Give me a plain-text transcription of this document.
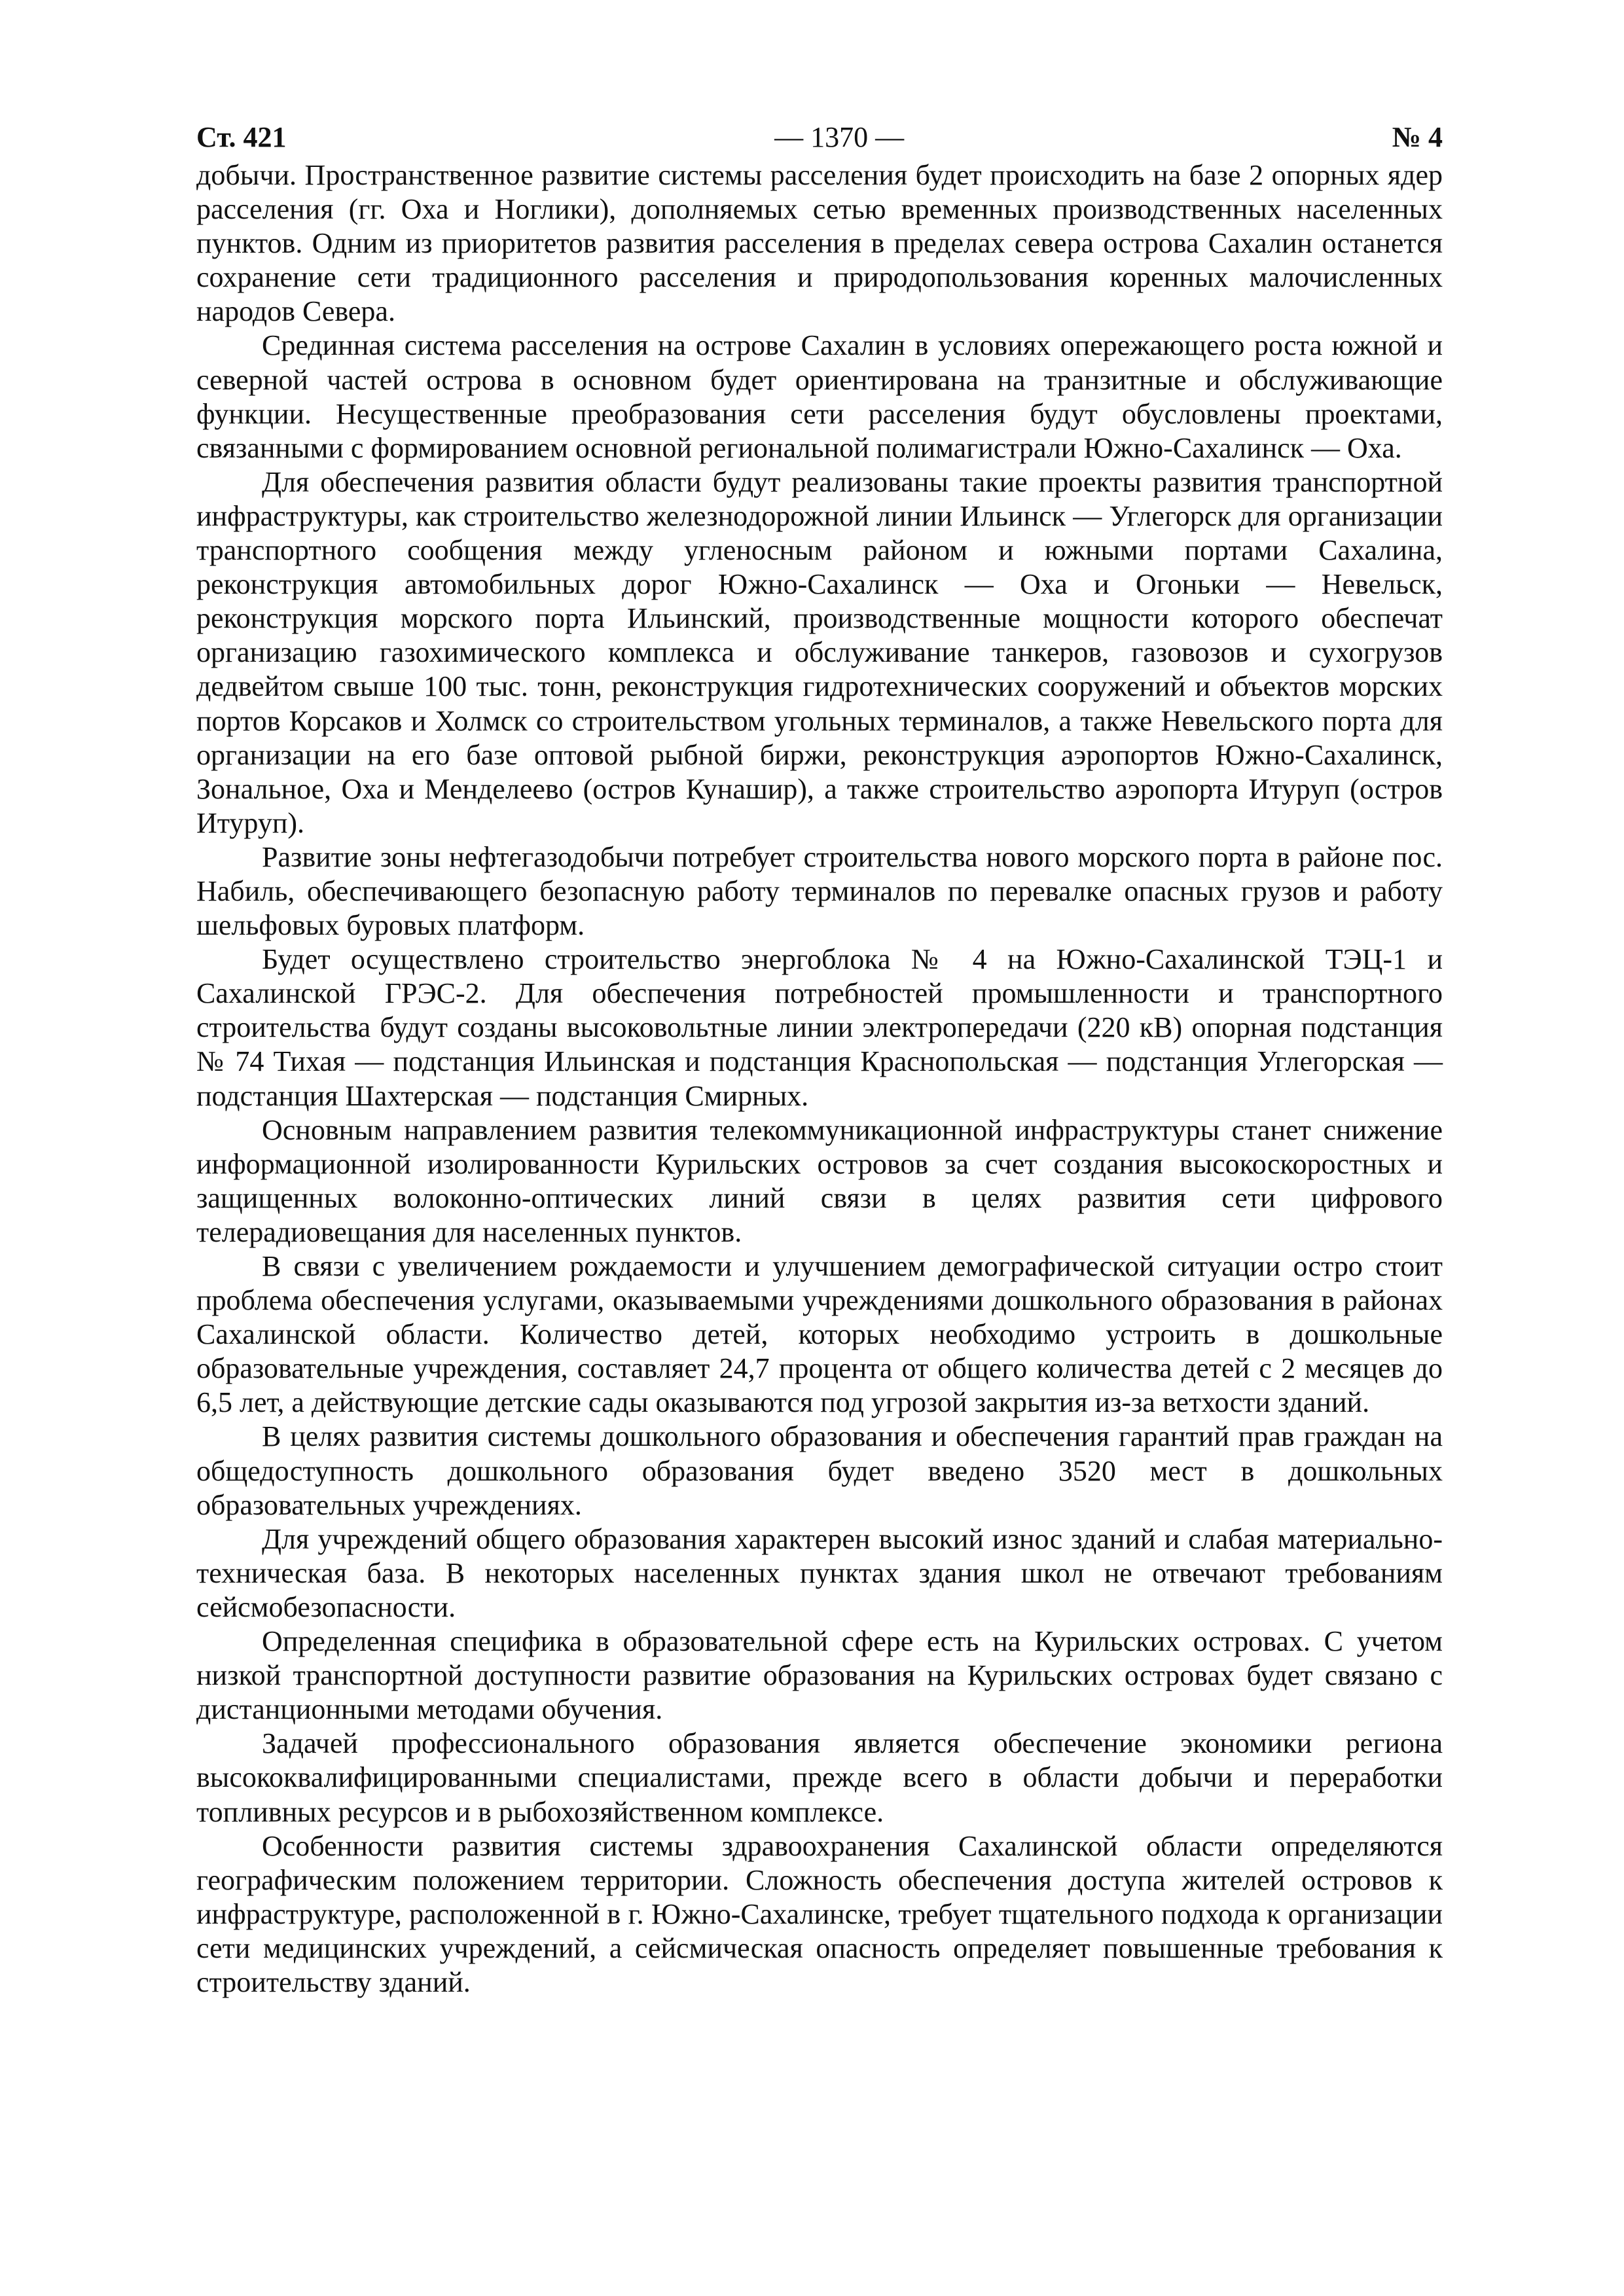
Ст. 421	— 1370 —	№ 4

добычи. Пространственное развитие системы расселения будет происходить на базе 2 опорных ядер расселения (гг. Оха и Ноглики), дополняемых сетью временных производственных населенных пунктов. Одним из приоритетов развития расселения в пределах севера острова Сахалин останется сохранение сети традиционного расселения и природопользования коренных малочисленных народов Севера.

Срединная система расселения на острове Сахалин в условиях опережающего роста южной и северной частей острова в основном будет ориентирована на транзитные и обслуживающие функции. Несущественные преобразования сети расселения будут обусловлены проектами, связанными с формированием основной региональной полимагистрали Южно-Сахалинск — Оха.

Для обеспечения развития области будут реализованы такие проекты развития транспортной инфраструктуры, как строительство железнодорожной линии Ильинск — Углегорск для организации транспортного сообщения между угленосным районом и южными портами Сахалина, реконструкция автомобильных дорог Южно-Сахалинск — Оха и Огоньки — Невельск, реконструкция морского порта Ильинский, производственные мощности которого обеспечат организацию газохимического комплекса и обслуживание танкеров, газовозов и сухогрузов дедвейтом свыше 100 тыс. тонн, реконструкция гидротехнических сооружений и объектов морских портов Корсаков и Холмск со строительством угольных терминалов, а также Невельского порта для организации на его базе оптовой рыбной биржи, реконструкция аэропортов Южно-Сахалинск, Зональное, Оха и Менделеево (остров Кунашир), а также строительство аэропорта Итуруп (остров Итуруп).

Развитие зоны нефтегазодобычи потребует строительства нового морского порта в районе пос. Набиль, обеспечивающего безопасную работу терминалов по перевалке опасных грузов и работу шельфовых буровых платформ.

Будет осуществлено строительство энергоблока № 4 на Южно-Сахалинской ТЭЦ-1 и Сахалинской ГРЭС-2. Для обеспечения потребностей промышленности и транспортного строительства будут созданы высоковольтные линии электропередачи (220 кВ) опорная подстанция № 74 Тихая — подстанция Ильинская и подстанция Краснопольская — подстанция Углегорская — подстанция Шахтерская — подстанция Смирных.

Основным направлением развития телекоммуникационной инфраструктуры станет снижение информационной изолированности Курильских островов за счет создания высокоскоростных и защищенных волоконно-оптических линий связи в целях развития сети цифрового телерадиовещания для населенных пунктов.

В связи с увеличением рождаемости и улучшением демографической ситуации остро стоит проблема обеспечения услугами, оказываемыми учреждениями дошкольного образования в районах Сахалинской области. Количество детей, которых необходимо устроить в дошкольные образовательные учреждения, составляет 24,7 процента от общего количества детей с 2 месяцев до 6,5 лет, а действующие детские сады оказываются под угрозой закрытия из-за ветхости зданий.

В целях развития системы дошкольного образования и обеспечения гарантий прав граждан на общедоступность дошкольного образования будет введено 3520 мест в дошкольных образовательных учреждениях.

Для учреждений общего образования характерен высокий износ зданий и слабая материально-техническая база. В некоторых населенных пунктах здания школ не отвечают требованиям сейсмобезопасности.

Определенная специфика в образовательной сфере есть на Курильских островах. С учетом низкой транспортной доступности развитие образования на Курильских островах будет связано с дистанционными методами обучения.

Задачей профессионального образования является обеспечение экономики региона высококвалифицированными специалистами, прежде всего в области добычи и переработки топливных ресурсов и в рыбохозяйственном комплексе.

Особенности развития системы здравоохранения Сахалинской области определяются географическим положением территории. Сложность обеспечения доступа жителей островов к инфраструктуре, расположенной в г. Южно-Сахалинске, требует тщательного подхода к организации сети медицинских учреждений, а сейсмическая опасность определяет повышенные требования к строительству зданий.
